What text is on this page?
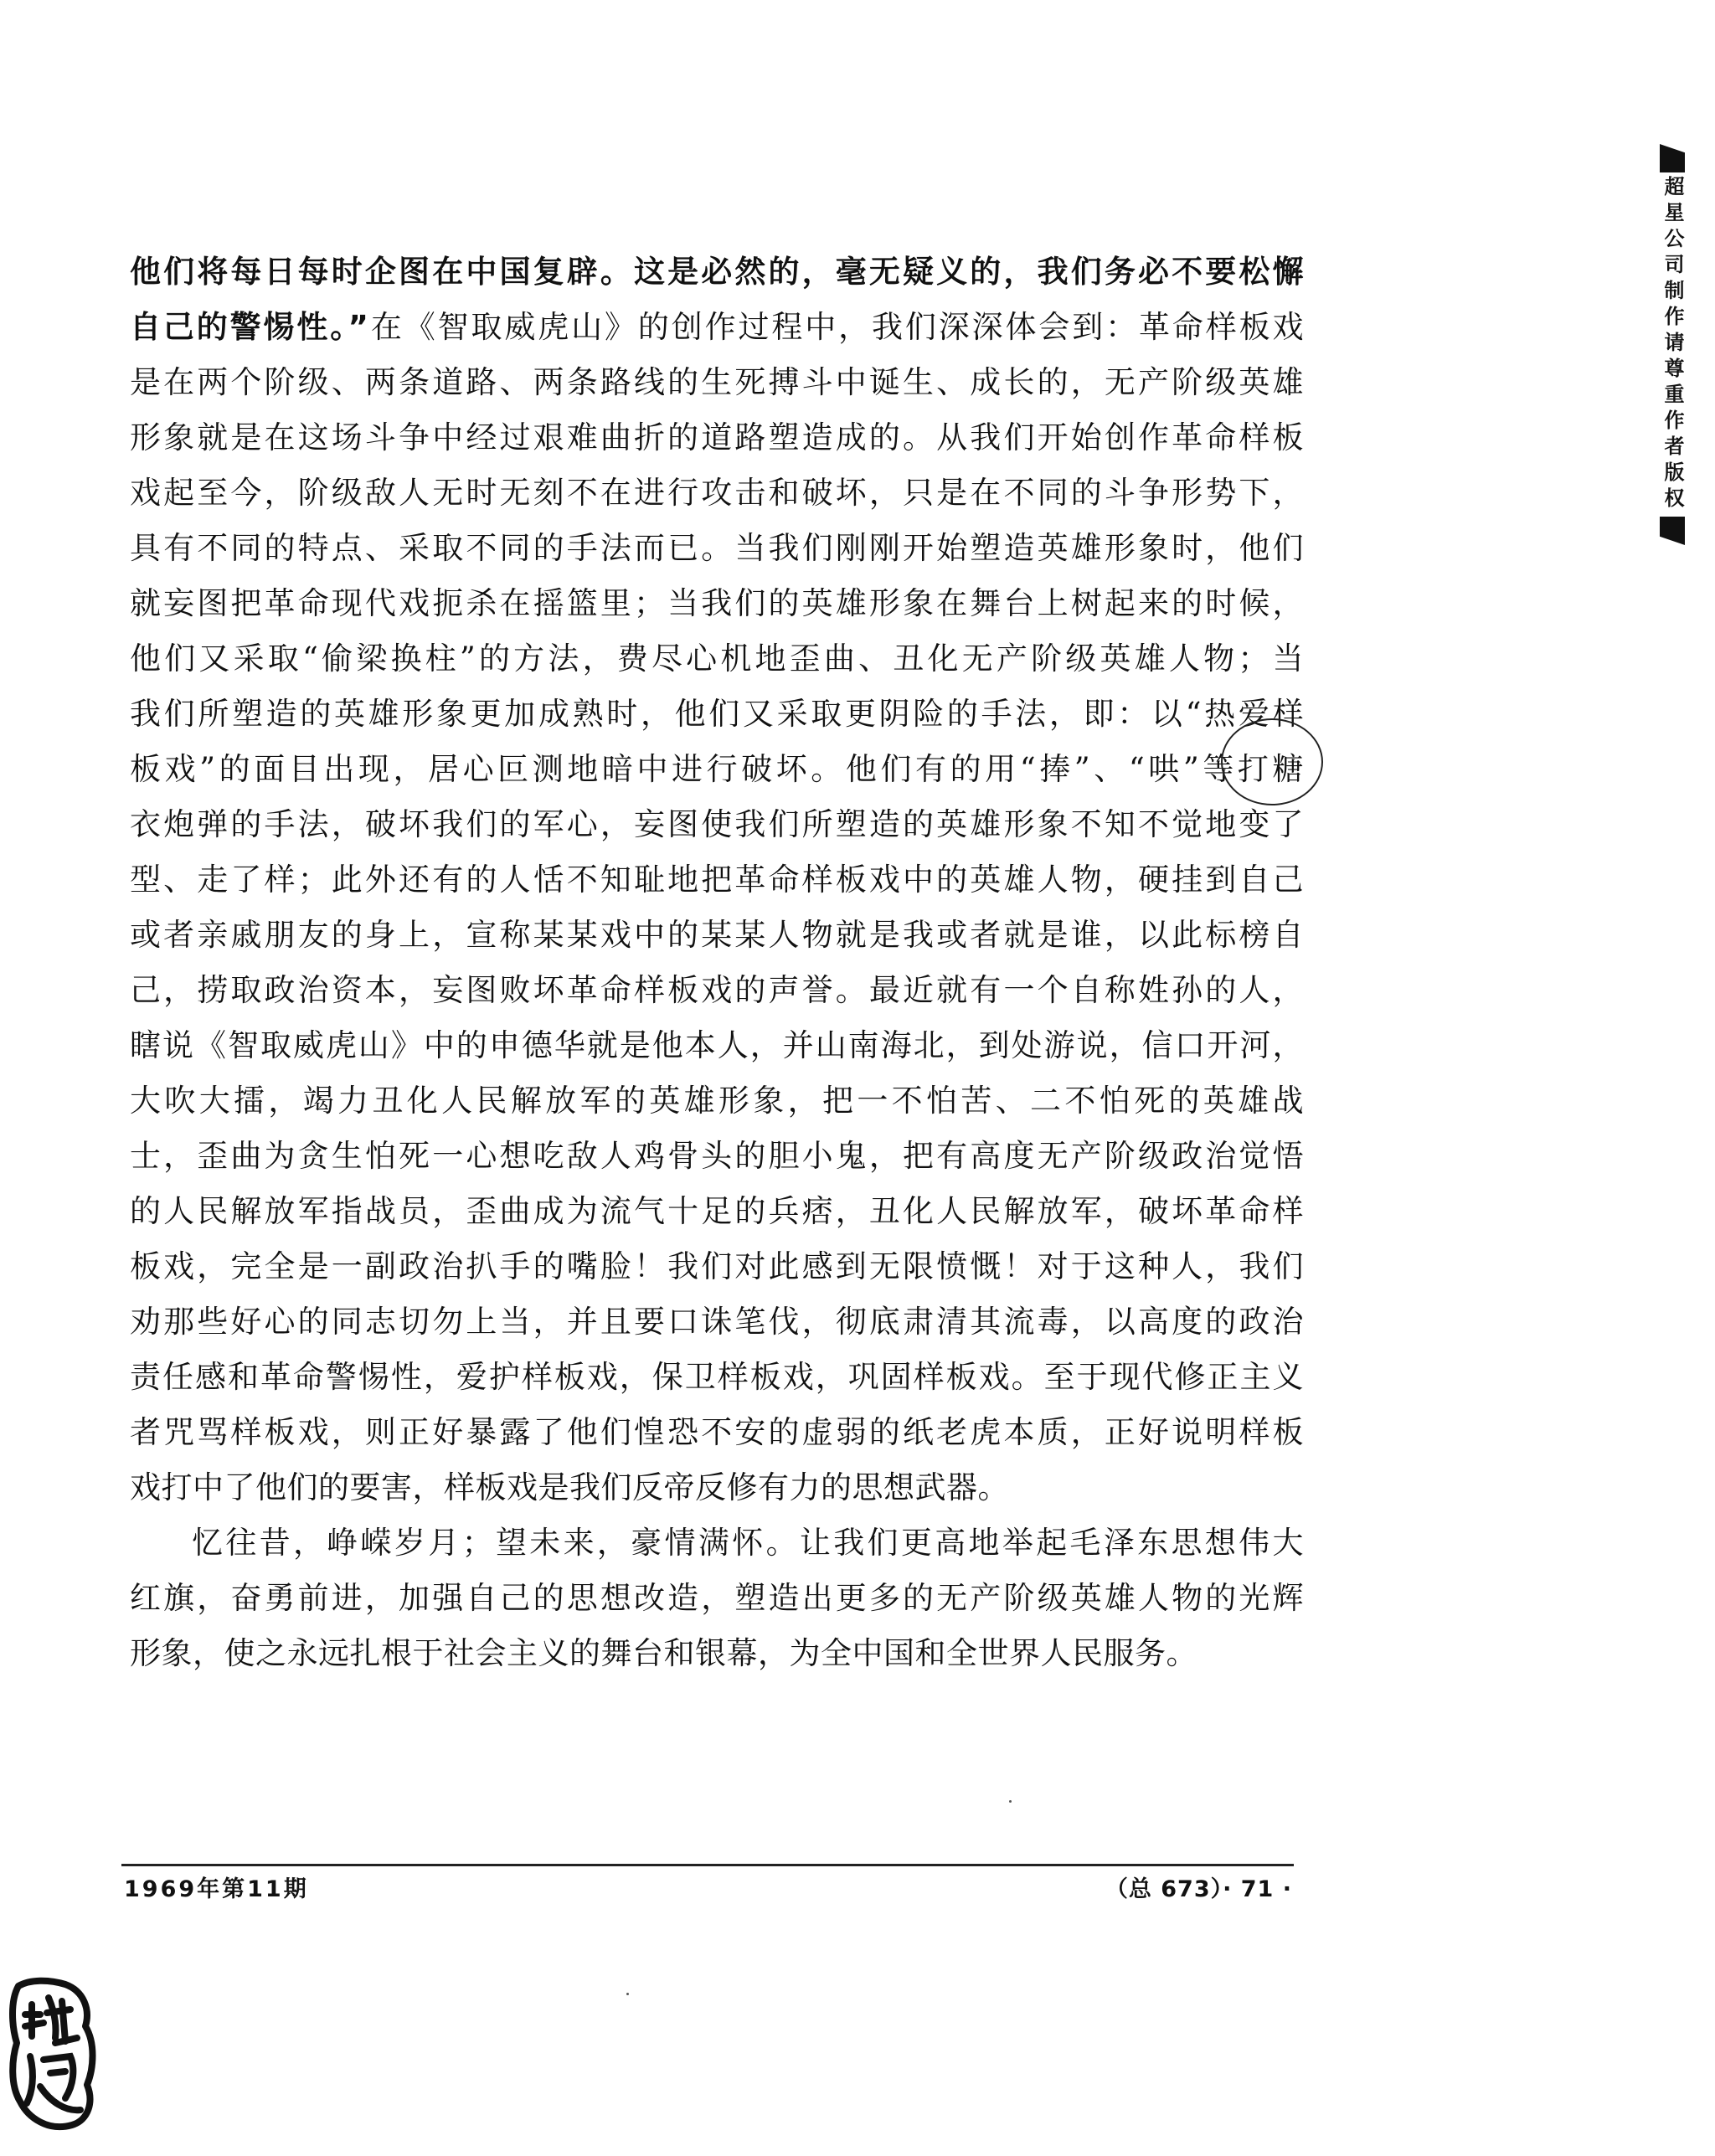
超星公司制作请尊重作者版权
他们将每日每时企图在中国复辟。这是必然的，毫无疑义的，我们务必不要松懈
自己的警惕性。”在《智取威虎山》的创作过程中，我们深深体会到：革命样板戏
是在两个阶级、两条道路、两条路线的生死搏斗中诞生、成长的，无产阶级英雄
形象就是在这场斗争中经过艰难曲折的道路塑造成的。从我们开始创作革命样板
戏起至今，阶级敌人无时无刻不在进行攻击和破坏，只是在不同的斗争形势下，
具有不同的特点、采取不同的手法而已。当我们刚刚开始塑造英雄形象时，他们
就妄图把革命现代戏扼杀在摇篮里；当我们的英雄形象在舞台上树起来的时候，
他们又采取“偷梁换柱”的方法，费尽心机地歪曲、丑化无产阶级英雄人物；当
我们所塑造的英雄形象更加成熟时，他们又采取更阴险的手法，即：以“热爱样
板戏”的面目出现，居心叵测地暗中进行破坏。他们有的用“捧”、“哄”等打糖
衣炮弹的手法，破坏我们的军心，妄图使我们所塑造的英雄形象不知不觉地变了
型、走了样；此外还有的人恬不知耻地把革命样板戏中的英雄人物，硬挂到自己
或者亲戚朋友的身上，宣称某某戏中的某某人物就是我或者就是谁，以此标榜自
己，捞取政治资本，妄图败坏革命样板戏的声誉。最近就有一个自称姓孙的人，
瞎说《智取威虎山》中的申德华就是他本人，并山南海北，到处游说，信口开河，
大吹大擂，竭力丑化人民解放军的英雄形象，把一不怕苦、二不怕死的英雄战
士，歪曲为贪生怕死一心想吃敌人鸡骨头的胆小鬼，把有高度无产阶级政治觉悟
的人民解放军指战员，歪曲成为流气十足的兵痞，丑化人民解放军，破坏革命样
板戏，完全是一副政治扒手的嘴脸！我们对此感到无限愤慨！对于这种人，我们
劝那些好心的同志切勿上当，并且要口诛笔伐，彻底肃清其流毒，以高度的政治
责任感和革命警惕性，爱护样板戏，保卫样板戏，巩固样板戏。至于现代修正主义
者咒骂样板戏，则正好暴露了他们惶恐不安的虚弱的纸老虎本质，正好说明样板
戏打中了他们的要害，样板戏是我们反帝反修有力的思想武器。
忆往昔，峥嵘岁月；望未来，豪情满怀。让我们更高地举起毛泽东思想伟大
红旗，奋勇前进，加强自己的思想改造，塑造出更多的无产阶级英雄人物的光辉
形象，使之永远扎根于社会主义的舞台和银幕，为全中国和全世界人民服务。
1969年第11期	（总 673）· 71 ·
